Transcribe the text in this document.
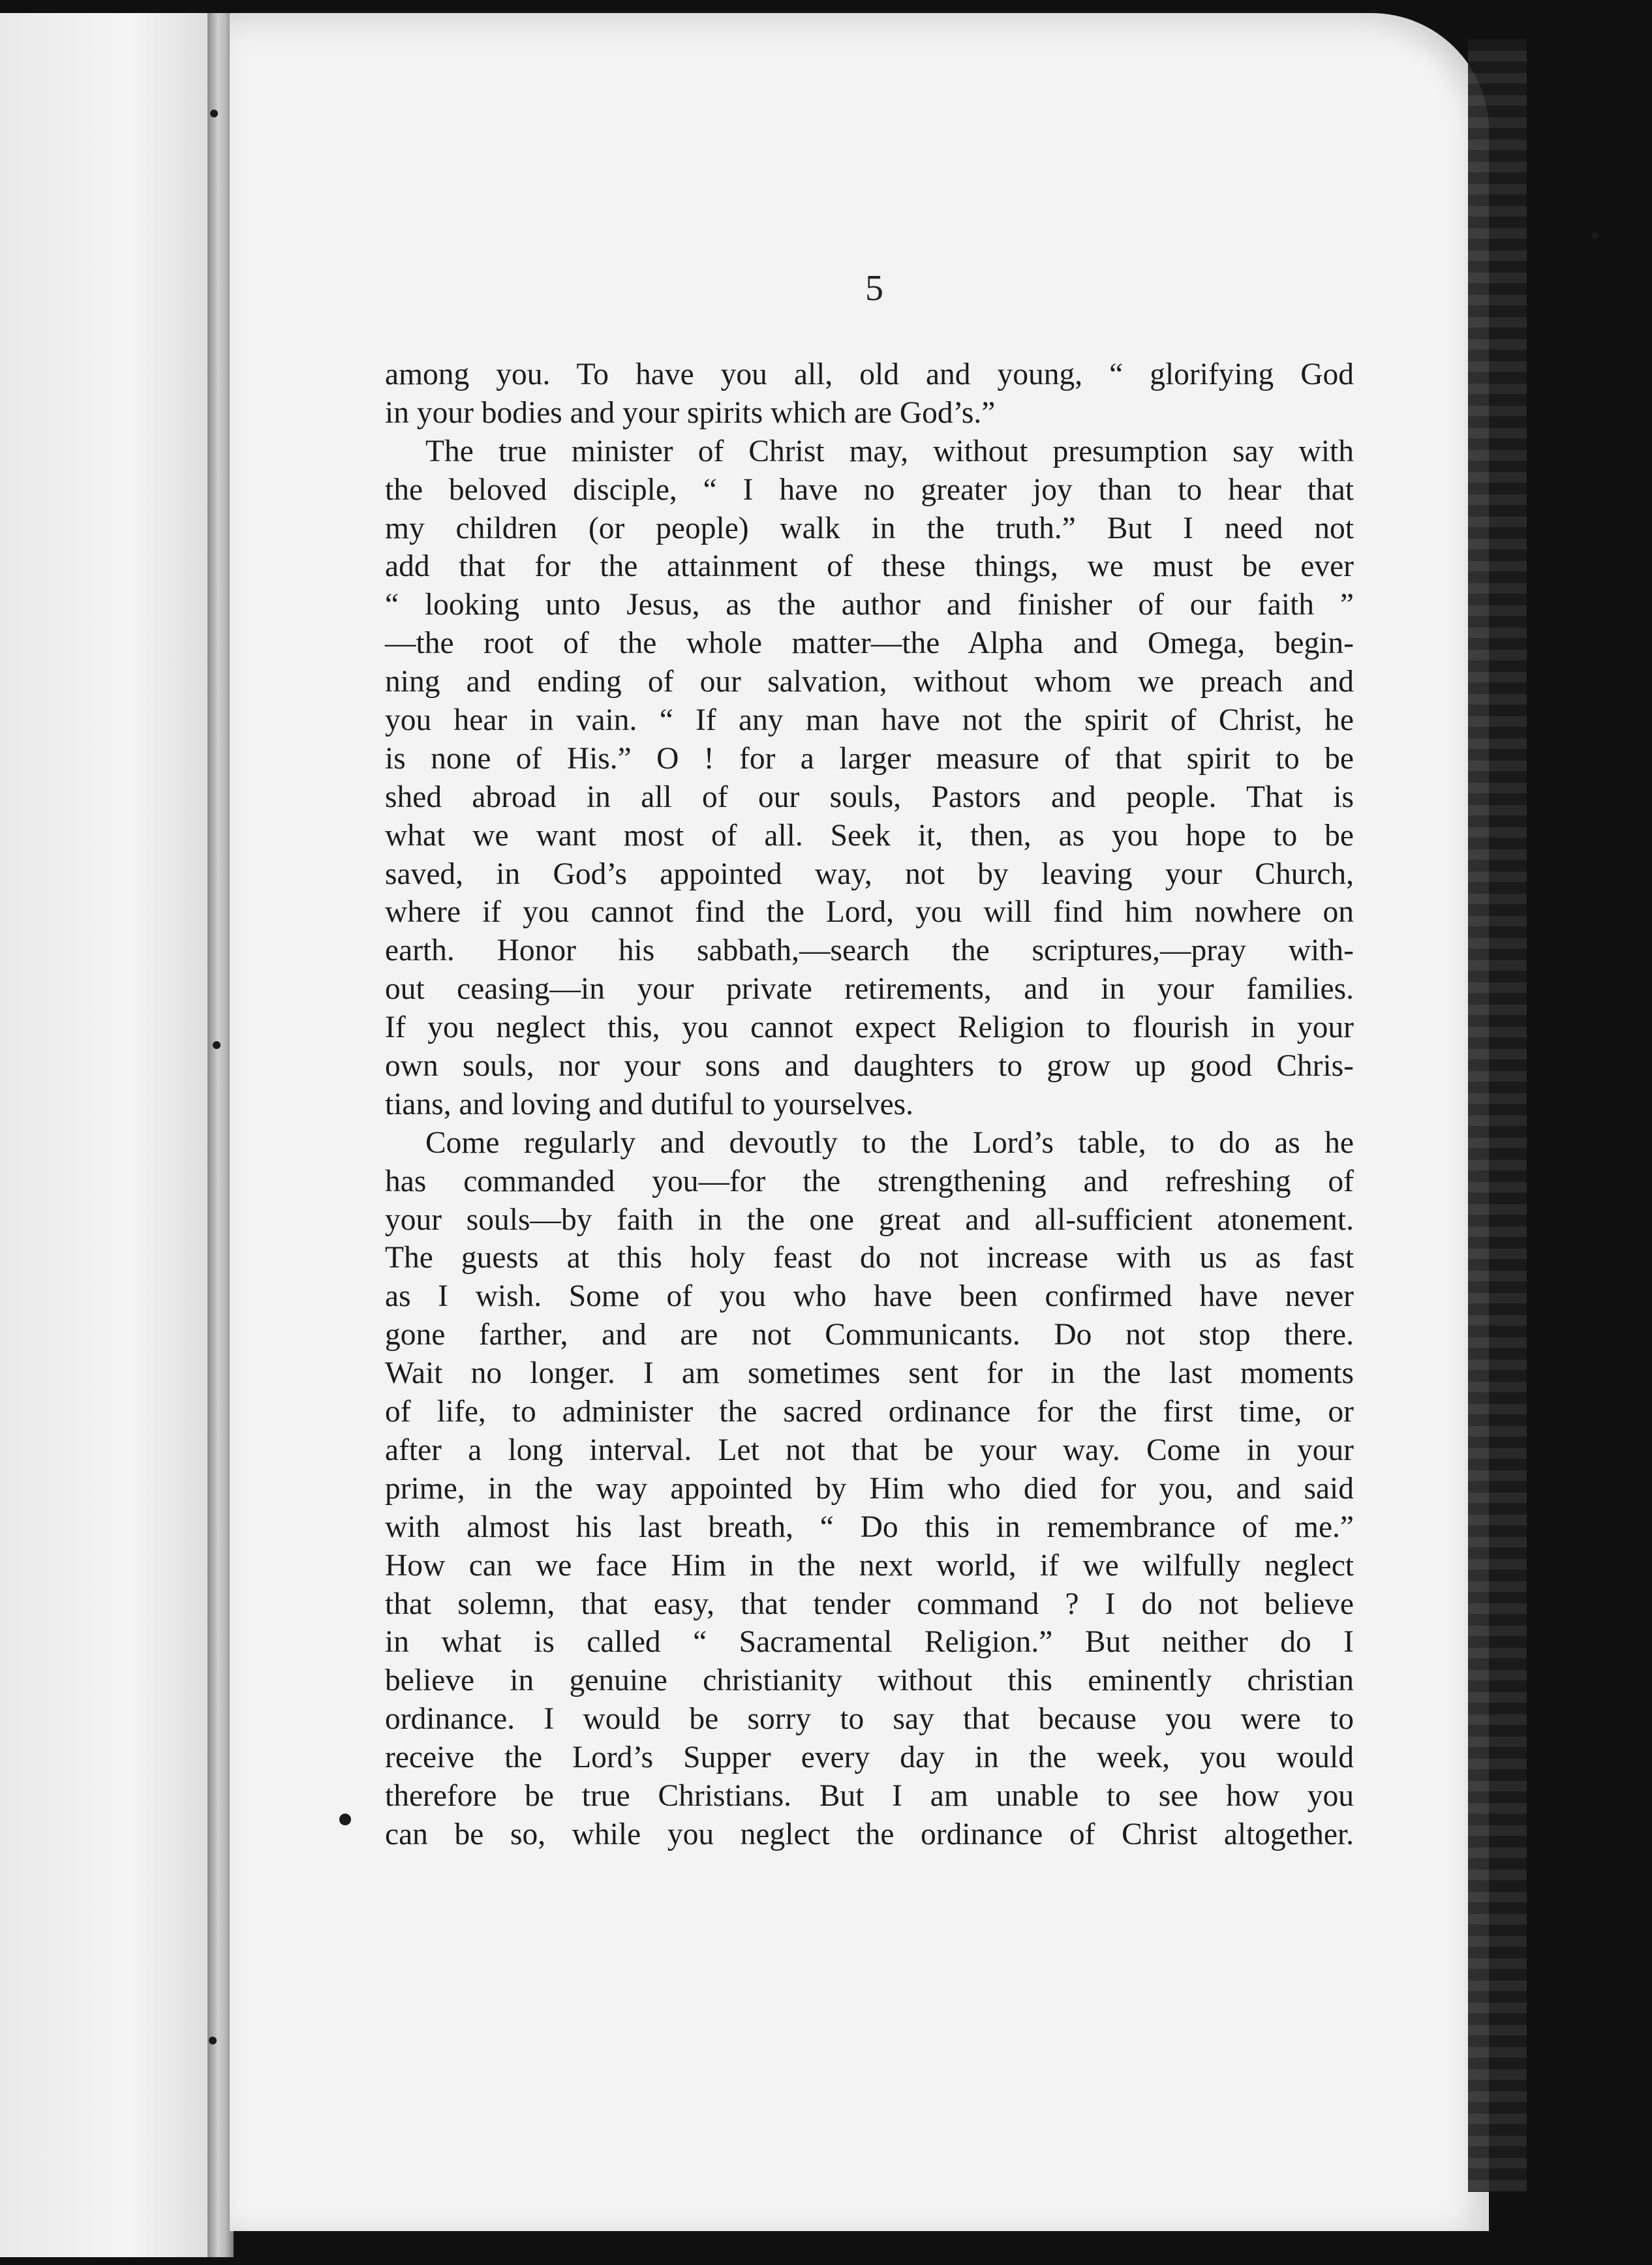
5
among you. To have you all, old and young, “ glorifying God
in your bodies and your spirits which are God’s.”
The true minister of Christ may, without presumption say with
the beloved disciple, “ I have no greater joy than to hear that
my children (or people) walk in the truth.” But I need not
add that for the attainment of these things, we must be ever
“ looking unto Jesus, as the author and finisher of our faith ”
—the root of the whole matter—the Alpha and Omega, begin-
ning and ending of our salvation, without whom we preach and
you hear in vain. “ If any man have not the spirit of Christ, he
is none of His.” O ! for a larger measure of that spirit to be
shed abroad in all of our souls, Pastors and people. That is
what we want most of all. Seek it, then, as you hope to be
saved, in God’s appointed way, not by leaving your Church,
where if you cannot find the Lord, you will find him nowhere on
earth. Honor his sabbath,—search the scriptures,—pray with-
out ceasing—in your private retirements, and in your families.
If you neglect this, you cannot expect Religion to flourish in your
own souls, nor your sons and daughters to grow up good Chris-
tians, and loving and dutiful to yourselves.
Come regularly and devoutly to the Lord’s table, to do as he
has commanded you—for the strengthening and refreshing of
your souls—by faith in the one great and all-sufficient atonement.
The guests at this holy feast do not increase with us as fast
as I wish. Some of you who have been confirmed have never
gone farther, and are not Communicants. Do not stop there.
Wait no longer. I am sometimes sent for in the last moments
of life, to administer the sacred ordinance for the first time, or
after a long interval. Let not that be your way. Come in your
prime, in the way appointed by Him who died for you, and said
with almost his last breath, “ Do this in remembrance of me.”
How can we face Him in the next world, if we wilfully neglect
that solemn, that easy, that tender command ? I do not believe
in what is called “ Sacramental Religion.” But neither do I
believe in genuine christianity without this eminently christian
ordinance. I would be sorry to say that because you were to
receive the Lord’s Supper every day in the week, you would
therefore be true Christians. But I am unable to see how you
can be so, while you neglect the ordinance of Christ altogether.
